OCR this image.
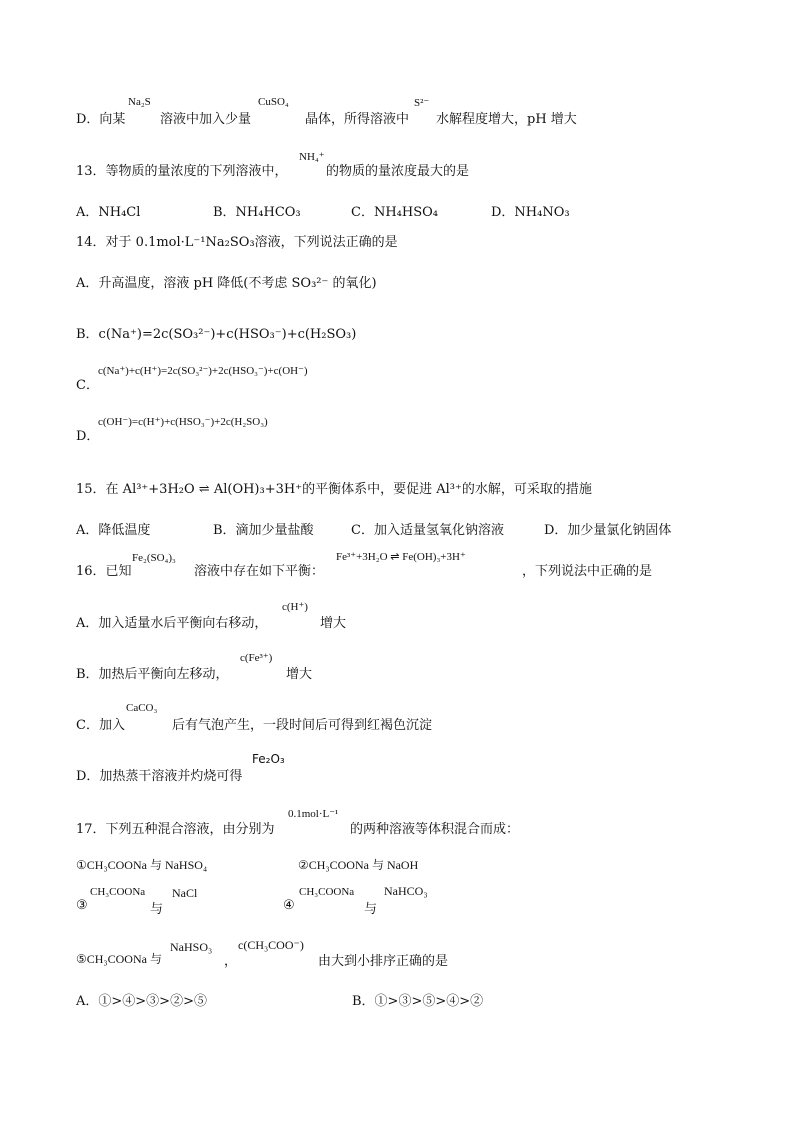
D．向某
Na₂S
溶液中加入少量
CuSO₄
晶体，所得溶液中
S²⁻
水解程度增大，pH 增大
13．等物质的量浓度的下列溶液中，
NH₄⁺
的物质的量浓度最大的是
A．NH₄Cl	B．NH₄HCO₃	C．NH₄HSO₄	D．NH₄NO₃
14．对于 0.1mol·L⁻¹Na₂SO₃溶液，下列说法正确的是
A．升高温度，溶液 pH 降低(不考虑 SO₃²⁻ 的氧化)
B．c(Na⁺)=2c(SO₃²⁻)+c(HSO₃⁻)+c(H₂SO₃)
C．
c(Na⁺)+c(H⁺)=2c(SO₃²⁻)+2c(HSO₃⁻)+c(OH⁻)
D．
c(OH⁻)=c(H⁺)+c(HSO₃⁻)+2c(H₂SO₃)
15．在 Al³⁺+3H₂O ⇌ Al(OH)₃+3H⁺的平衡体系中，要促进 Al³⁺的水解，可采取的措施
A．降低温度	B．滴加少量盐酸	C．加入适量氢氧化钠溶液	D．加少量氯化钠固体
16．已知
Fe₂(SO₄)₃
溶液中存在如下平衡：
Fe³⁺+3H₂O ⇌ Fe(OH)₃+3H⁺
，下列说法中正确的是
A．加入适量水后平衡向右移动，
c(H⁺)
增大
B．加热后平衡向左移动，
c(Fe³⁺)
增大
C．加入
CaCO₃
后有气泡产生，一段时间后可得到红褐色沉淀
D．加热蒸干溶液并灼烧可得
Fe₂O₃
17．下列五种混合溶液，由分别为
0.1mol·L⁻¹
的两种溶液等体积混合而成：
①CH₃COONa 与 NaHSO₄	②CH₃COONa 与 NaOH
③
CH₃COONa
与
NaCl
④
CH₃COONa
与
NaHCO₃
⑤CH₃COONa 与
NaHSO₃
，
c(CH₃COO⁻)
由大到小排序正确的是
A．①>④>③>②>⑤	B．①>③>⑤>④>②
